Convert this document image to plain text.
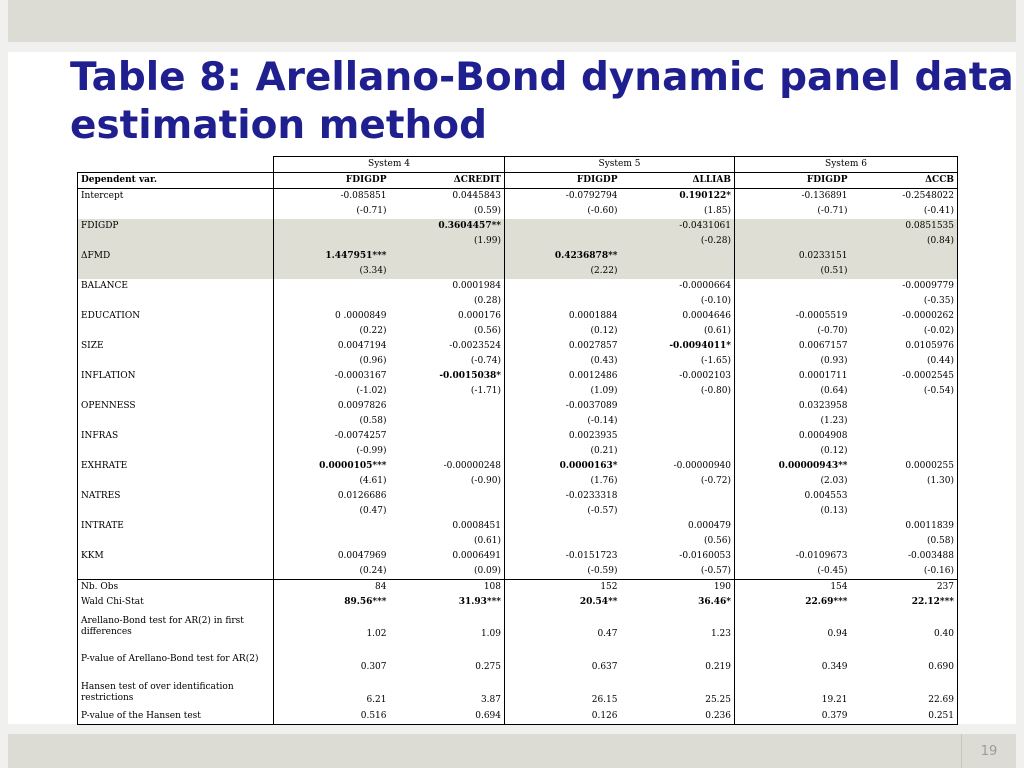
Table 8: Arellano-Bond dynamic panel data estimation method
	System 4		System 5		System 6	
Dependent var.	FDIGDP	ΔCREDIT	FDIGDP	ΔLLIAB	FDIGDP	ΔCCB
Intercept	-0.085851	0.0445843	-0.0792794	0.190122*	-0.136891	-0.2548022
	(-0.71)	(0.59)	(-0.60)	(1.85)	(-0.71)	(-0.41)
FDIGDP		0.3604457**		-0.0431061		0.0851535
		(1.99)		(-0.28)		(0.84)
ΔFMD	1.447951***		0.4236878**		0.0233151	
	(3.34)		(2.22)		(0.51)	
BALANCE		0.0001984		-0.0000664		-0.0009779
		(0.28)		(-0.10)		(-0.35)
EDUCATION	0 .0000849	0.000176	0.0001884	0.0004646	-0.0005519	-0.0000262
	(0.22)	(0.56)	(0.12)	(0.61)	(-0.70)	(-0.02)
SIZE	0.0047194	-0.0023524	0.0027857	-0.0094011*	0.0067157	0.0105976
	(0.96)	(-0.74)	(0.43)	(-1.65)	(0.93)	(0.44)
INFLATION	-0.0003167	-0.0015038*	0.0012486	-0.0002103	0.0001711	-0.0002545
	(-1.02)	(-1.71)	(1.09)	(-0.80)	(0.64)	(-0.54)
OPENNESS	0.0097826		-0.0037089		0.0323958	
	(0.58)		(-0.14)		(1.23)	
INFRAS	-0.0074257		0.0023935		0.0004908	
	(-0.99)		(0.21)		(0.12)	
EXHRATE	0.0000105***	-0.00000248	0.0000163*	-0.00000940	0.00000943**	0.0000255
	(4.61)	(-0.90)	(1.76)	(-0.72)	(2.03)	(1.30)
NATRES	0.0126686		-0.0233318		0.004553	
	(0.47)		(-0.57)		(0.13)	
INTRATE		0.0008451		0.000479		0.0011839
		(0.61)		(0.56)		(0.58)
KKM	0.0047969	0.0006491	-0.0151723	-0.0160053	-0.0109673	-0.003488
	(0.24)	(0.09)	(-0.59)	(-0.57)	(-0.45)	(-0.16)
Nb. Obs	84	108	152	190	154	237
Wald Chi-Stat	89.56***	31.93***	20.54**	36.46*	22.69***	22.12***
Arellano-Bond test for AR(2) in first differences	1.02	1.09	0.47	1.23	0.94	0.40
P-value of Arellano-Bond test for AR(2)	0.307	0.275	0.637	0.219	0.349	0.690
Hansen test of over identification restrictions	6.21	3.87	26.15	25.25	19.21	22.69
P-value of the Hansen test	0.516	0.694	0.126	0.236	0.379	0.251
19
